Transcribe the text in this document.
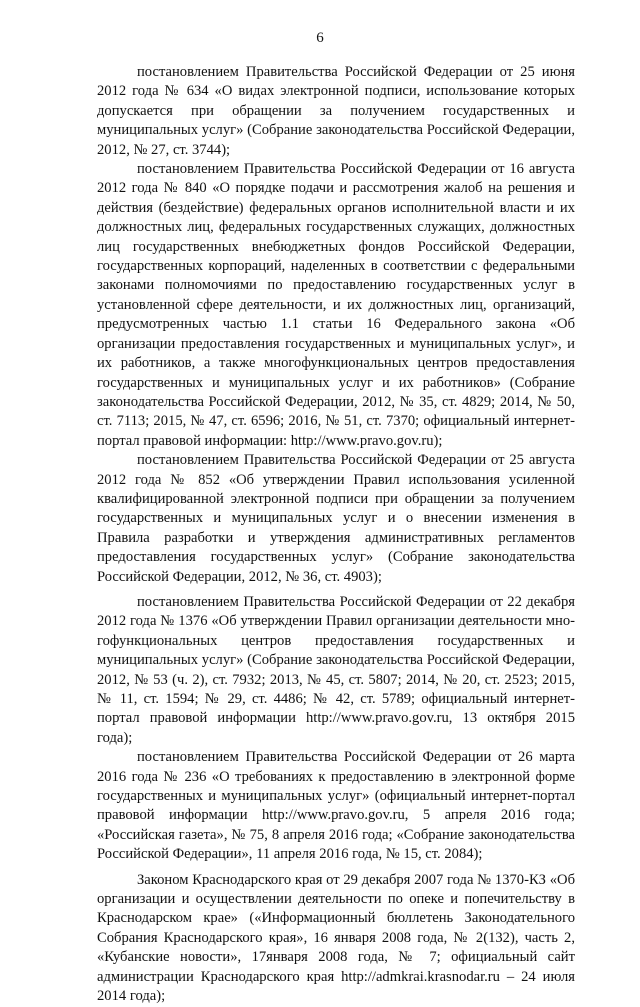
6

постановлением Правительства Российской Федерации от 25 июня 2012 года № 634 «О видах электронной подписи, использование которых допускается при обращении за получением государственных и муниципальных услуг» (Собрание законодательства Российской Федерации, 2012, № 27, ст. 3744);

постановлением Правительства Российской Федерации от 16 августа 2012 года № 840 «О порядке подачи и рассмотрения жалоб на решения и действия (бездействие) федеральных органов исполнительной власти и их должностных лиц, федеральных государственных служащих, должностных лиц государственных внебюджетных фондов Российской Федерации, государственных корпораций, наделенных в соответствии с федеральными законами полномочиями по предоставлению государственных услуг в установленной сфере деятельности, и их должностных лиц, организаций, предусмотренных частью 1.1 статьи 16 Федерального закона «Об организации предоставления государственных и муниципальных услуг», и их работников, а также многофункциональных центров предоставления государственных и муниципальных услуг и их работников» (Собрание законодательства Российской Федерации, 2012, № 35, ст. 4829; 2014, № 50, ст. 7113; 2015, № 47, ст. 6596; 2016, № 51, ст. 7370; официальный интернет-портал правовой информации: http://www.pravo.gov.ru);

постановлением Правительства Российской Федерации от 25 августа 2012 года № 852 «Об утверждении Правил использования усиленной квалифицированной электронной подписи при обращении за получением государственных и муниципальных услуг и о внесении изменения в Правила разработки и утверждения административных регламентов предоставления государственных услуг» (Собрание законодательства Российской Федерации, 2012, № 36, ст. 4903);

постановлением Правительства Российской Федерации от 22 декабря 2012 года № 1376 «Об утверждении Правил организации деятельности многофункциональных центров предоставления государственных и муниципальных услуг» (Собрание законодательства Российской Федерации, 2012, № 53 (ч. 2), ст. 7932; 2013, № 45, ст. 5807; 2014, № 20, ст. 2523; 2015, № 11, ст. 1594; № 29, ст. 4486; № 42, ст. 5789; официальный интернет-портал правовой информации http://www.pravo.gov.ru, 13 октября 2015 года);

постановлением Правительства Российской Федерации от 26 марта 2016 года № 236 «О требованиях к предоставлению в электронной форме государственных и муниципальных услуг» (официальный интернет-портал правовой информации http://www.pravo.gov.ru, 5 апреля 2016 года; «Российская газета», № 75, 8 апреля 2016 года; «Собрание законодательства Российской Федерации», 11 апреля 2016 года, № 15, ст. 2084);

Законом Краснодарского края от 29 декабря 2007 года № 1370-КЗ «Об организации и осуществлении деятельности по опеке и попечительству в Краснодарском крае» («Информационный бюллетень Законодательного Собрания Краснодарского края», 16 января 2008 года, № 2(132), часть 2, «Кубанские новости», 17января 2008 года, № 7; официальный сайт администрации Краснодарского края http://admkrai.krasnodar.ru – 24 июля 2014 года);
